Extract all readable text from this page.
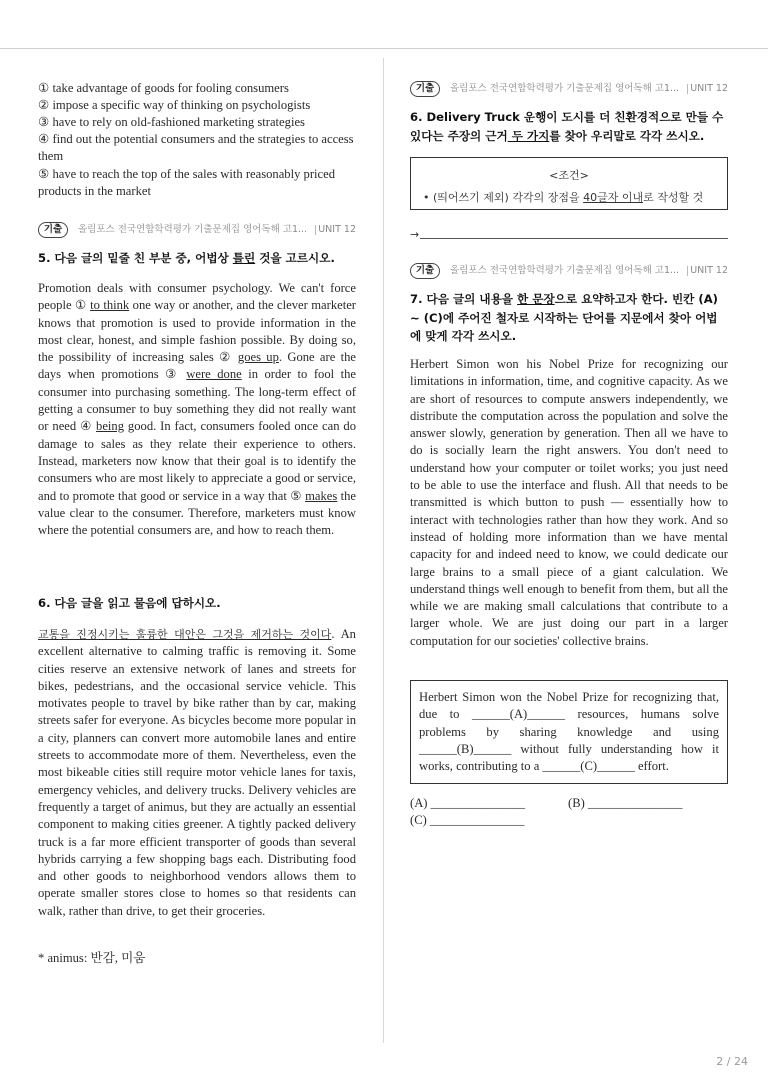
① take advantage of goods for fooling consumers
② impose a specific way of thinking on psychologists
③ have to rely on old-fashioned marketing strategies
④ find out the potential consumers and the strategies to access them
⑤ have to reach the top of the sales with reasonably priced products in the market
기출	올림포스 전국연합학력평가 기출문제집 영어독해 고1... UNIT 12
5. 다음 글의 밑줄 친 부분 중, 어법상 틀린 것을 고르시오.
Promotion deals with consumer psychology. We can't force people ① to think one way or another, and the clever marketer knows that promotion is used to provide information in the most clear, honest, and simple fashion possible. By doing so, the possibility of increasing sales ② goes up. Gone are the days when promotions ③ were done in order to fool the consumer into purchasing something. The long-term effect of getting a consumer to buy something they did not really want or need ④ being good. In fact, consumers fooled once can do damage to sales as they relate their experience to others. Instead, marketers now know that their goal is to identify the consumers who are most likely to appreciate a good or service, and to promote that good or service in a way that ⑤ makes the value clear to the consumer. Therefore, marketers must know where the potential consumers are, and how to reach them.
6. 다음 글을 읽고 물음에 답하시오.
교통을 진정시키는 훌륭한 대안은 그것을 제거하는 것이다. An excellent alternative to calming traffic is removing it. Some cities reserve an extensive network of lanes and streets for bikes, pedestrians, and the occasional service vehicle. This motivates people to travel by bike rather than by car, making streets safer for everyone. As bicycles become more popular in a city, planners can convert more automobile lanes and entire streets to accommodate more of them. Nevertheless, even the most bikeable cities still require motor vehicle lanes for taxis, emergency vehicles, and delivery trucks. Delivery vehicles are frequently a target of animus, but they are actually an essential component to making cities greener. A tightly packed delivery truck is a far more efficient transporter of goods than several hybrids carrying a few shopping bags each. Distributing food and other goods to neighborhood vendors allows them to operate smaller stores close to homes so that residents can walk, rather than drive, to get their groceries.
* animus: 반감, 미움
기출	올림포스 전국연합학력평가 기출문제집 영어독해 고1... UNIT 12
6. Delivery Truck 운행이 도시를 더 친환경적으로 만들 수 있다는 주장의 근거 두 가지를 찾아 우리말로 각각 쓰시오.
<조건>
• (띄어쓰기 제외) 각각의 장점을 40글자 이내로 작성할 것
→
기출	올림포스 전국연합학력평가 기출문제집 영어독해 고1... UNIT 12
7. 다음 글의 내용을 한 문장으로 요약하고자 한다. 빈칸 (A) ~ (C)에 주어진 철자로 시작하는 단어를 지문에서 찾아 어법에 맞게 각각 쓰시오.
Herbert Simon won his Nobel Prize for recognizing our limitations in information, time, and cognitive capacity. As we are short of resources to compute answers independently, we distribute the computation across the population and solve the answer slowly, generation by generation. Then all we have to do is socially learn the right answers. You don't need to understand how your computer or toilet works; you just need to be able to use the interface and flush. All that needs to be transmitted is which button to push — essentially how to interact with technologies rather than how they work. And so instead of holding more information than we have mental capacity for and indeed need to know, we could dedicate our large brains to a small piece of a giant calculation. We understand things well enough to benefit from them, but all the while we are making small calculations that contribute to a larger whole. We are just doing our part in a larger computation for our societies' collective brains.
Herbert Simon won the Nobel Prize for recognizing that, due to ______(A)______ resources, humans solve problems by sharing knowledge and using ______(B)______ without fully understanding how it works, contributing to a ______(C)______ effort.
(A) _______________	(B) _______________
(C) _______________
2 / 24
